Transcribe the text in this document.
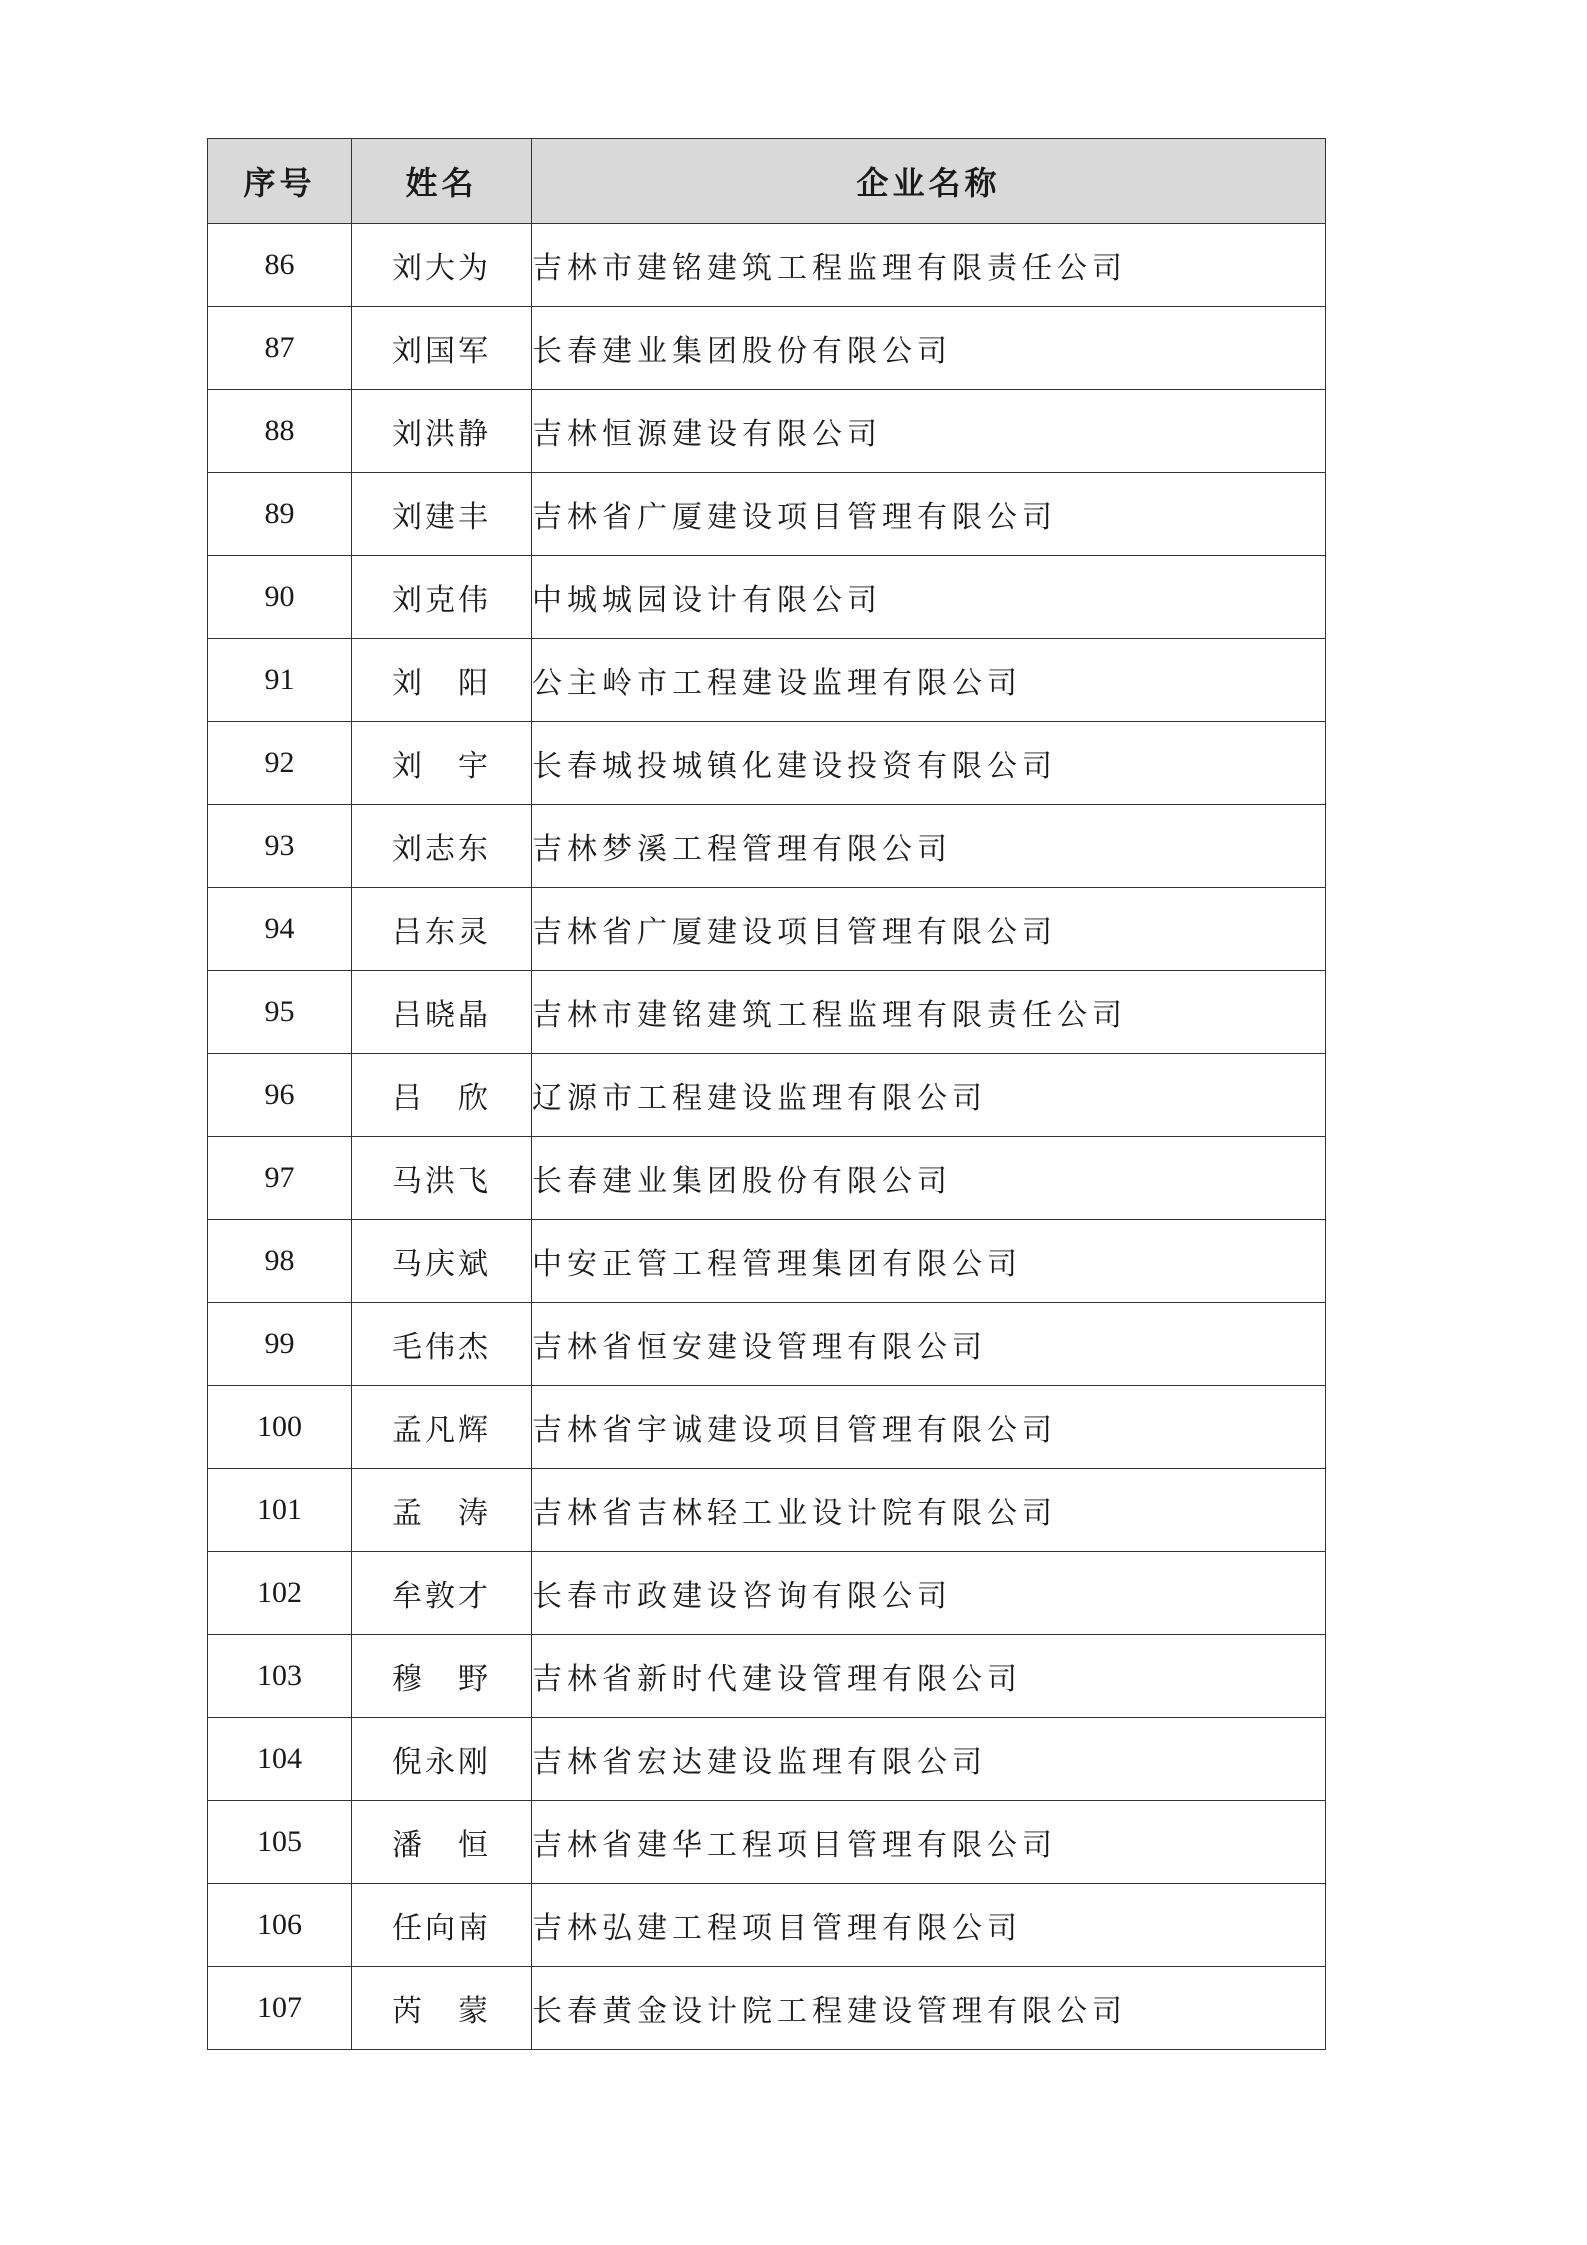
序号	姓名	企业名称
86	刘大为	吉林市建铭建筑工程监理有限责任公司
87	刘国军	长春建业集团股份有限公司
88	刘洪静	吉林恒源建设有限公司
89	刘建丰	吉林省广厦建设项目管理有限公司
90	刘克伟	中城城园设计有限公司
91	刘　阳	公主岭市工程建设监理有限公司
92	刘　宇	长春城投城镇化建设投资有限公司
93	刘志东	吉林梦溪工程管理有限公司
94	吕东灵	吉林省广厦建设项目管理有限公司
95	吕晓晶	吉林市建铭建筑工程监理有限责任公司
96	吕　欣	辽源市工程建设监理有限公司
97	马洪飞	长春建业集团股份有限公司
98	马庆斌	中安正管工程管理集团有限公司
99	毛伟杰	吉林省恒安建设管理有限公司
100	孟凡辉	吉林省宇诚建设项目管理有限公司
101	孟　涛	吉林省吉林轻工业设计院有限公司
102	牟敦才	长春市政建设咨询有限公司
103	穆　野	吉林省新时代建设管理有限公司
104	倪永刚	吉林省宏达建设监理有限公司
105	潘　恒	吉林省建华工程项目管理有限公司
106	任向南	吉林弘建工程项目管理有限公司
107	芮　蒙	长春黄金设计院工程建设管理有限公司
